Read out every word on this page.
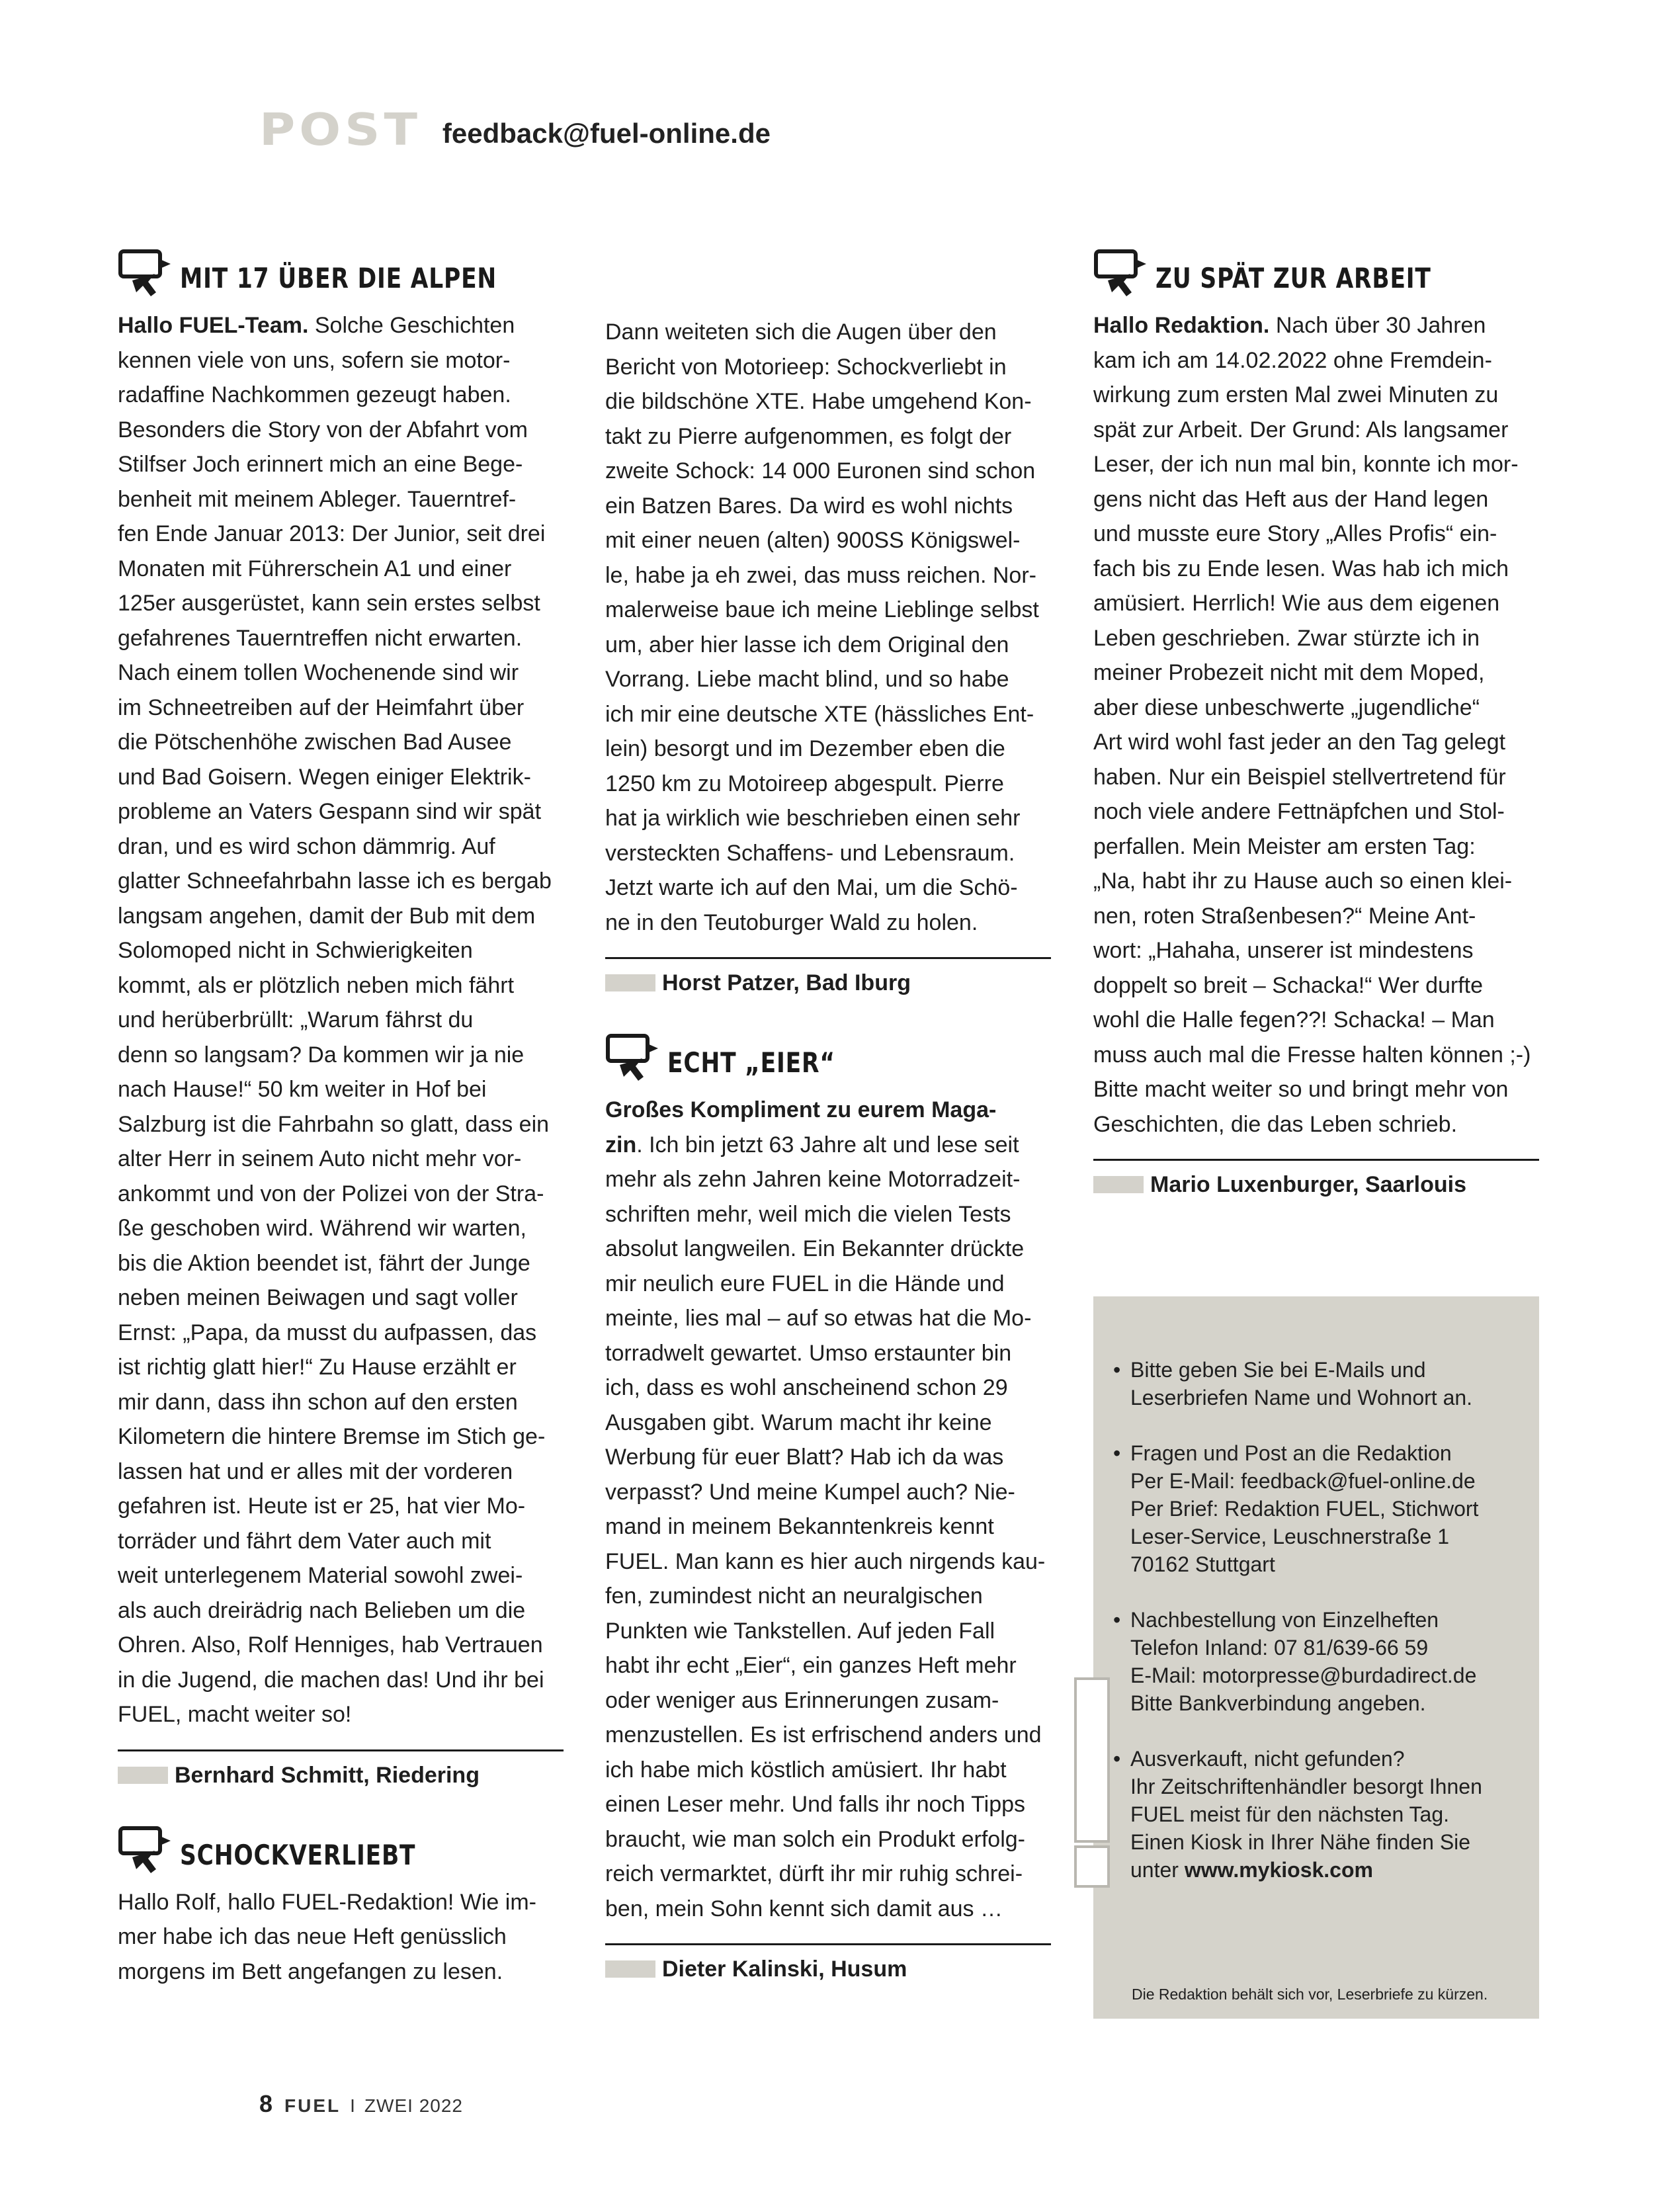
POST feedback@fuel-online.de
MIT 17 ÜBER DIE ALPEN
Hallo FUEL-Team. Solche Geschichten
kennen viele von uns, sofern sie motor-
radaffine Nachkommen gezeugt haben.
Besonders die Story von der Abfahrt vom
Stilfser Joch erinnert mich an eine Bege-
benheit mit meinem Ableger. Tauerntref-
fen Ende Januar 2013: Der Junior, seit drei
Monaten mit Führerschein A1 und einer
125er ausgerüstet, kann sein erstes selbst
gefahrenes Tauerntreffen nicht erwarten.
Nach einem tollen Wochenende sind wir
im Schneetreiben auf der Heimfahrt über
die Pötschenhöhe zwischen Bad Ausee
und Bad Goisern. Wegen einiger Elektrik-
probleme an Vaters Gespann sind wir spät
dran, und es wird schon dämmrig. Auf
glatter Schneefahrbahn lasse ich es bergab
langsam angehen, damit der Bub mit dem
Solomoped nicht in Schwierigkeiten
kommt, als er plötzlich neben mich fährt
und herüberbrüllt: „Warum fährst du
denn so langsam? Da kommen wir ja nie
nach Hause!“ 50 km weiter in Hof bei
Salzburg ist die Fahrbahn so glatt, dass ein
alter Herr in seinem Auto nicht mehr vor-
ankommt und von der Polizei von der Stra-
ße geschoben wird. Während wir warten,
bis die Aktion beendet ist, fährt der Junge
neben meinen Beiwagen und sagt voller
Ernst: „Papa, da musst du aufpassen, das
ist richtig glatt hier!“ Zu Hause erzählt er
mir dann, dass ihn schon auf den ersten
Kilometern die hintere Bremse im Stich ge-
lassen hat und er alles mit der vorderen
gefahren ist. Heute ist er 25, hat vier Mo-
torräder und fährt dem Vater auch mit
weit unterlegenem Material sowohl zwei-
als auch dreirädrig nach Belieben um die
Ohren. Also, Rolf Henniges, hab Vertrauen
in die Jugend, die machen das! Und ihr bei
FUEL, macht weiter so!
Bernhard Schmitt, Riedering
SCHOCKVERLIEBT
Hallo Rolf, hallo FUEL-Redaktion! Wie im-
mer habe ich das neue Heft genüsslich
morgens im Bett angefangen zu lesen.
Dann weiteten sich die Augen über den
Bericht von Motorieep: Schockverliebt in
die bildschöne XTE. Habe umgehend Kon-
takt zu Pierre aufgenommen, es folgt der
zweite Schock: 14 000 Euronen sind schon
ein Batzen Bares. Da wird es wohl nichts
mit einer neuen (alten) 900SS Königswel-
le, habe ja eh zwei, das muss reichen. Nor-
malerweise baue ich meine Lieblinge selbst
um, aber hier lasse ich dem Original den
Vorrang. Liebe macht blind, und so habe
ich mir eine deutsche XTE (hässliches Ent-
lein) besorgt und im Dezember eben die
1250 km zu Motoireep abgespult. Pierre
hat ja wirklich wie beschrieben einen sehr
versteckten Schaffens- und Lebensraum.
Jetzt warte ich auf den Mai, um die Schö-
ne in den Teutoburger Wald zu holen.
Horst Patzer, Bad Iburg
ECHT „EIER“
Großes Kompliment zu eurem Maga-
zin. Ich bin jetzt 63 Jahre alt und lese seit
mehr als zehn Jahren keine Motorradzeit-
schriften mehr, weil mich die vielen Tests
absolut langweilen. Ein Bekannter drückte
mir neulich eure FUEL in die Hände und
meinte, lies mal – auf so etwas hat die Mo-
torradwelt gewartet. Umso erstaunter bin
ich, dass es wohl anscheinend schon 29
Ausgaben gibt. Warum macht ihr keine
Werbung für euer Blatt? Hab ich da was
verpasst? Und meine Kumpel auch? Nie-
mand in meinem Bekanntenkreis kennt
FUEL. Man kann es hier auch nirgends kau-
fen, zumindest nicht an neuralgischen
Punkten wie Tankstellen. Auf jeden Fall
habt ihr echt „Eier“, ein ganzes Heft mehr
oder weniger aus Erinnerungen zusam-
menzustellen. Es ist erfrischend anders und
ich habe mich köstlich amüsiert. Ihr habt
einen Leser mehr. Und falls ihr noch Tipps
braucht, wie man solch ein Produkt erfolg-
reich vermarktet, dürft ihr mir ruhig schrei-
ben, mein Sohn kennt sich damit aus …
Dieter Kalinski, Husum
ZU SPÄT ZUR ARBEIT
Hallo Redaktion. Nach über 30 Jahren
kam ich am 14.02.2022 ohne Fremdein-
wirkung zum ersten Mal zwei Minuten zu
spät zur Arbeit. Der Grund: Als langsamer
Leser, der ich nun mal bin, konnte ich mor-
gens nicht das Heft aus der Hand legen
und musste eure Story „Alles Profis“ ein-
fach bis zu Ende lesen. Was hab ich mich
amüsiert. Herrlich! Wie aus dem eigenen
Leben geschrieben. Zwar stürzte ich in
meiner Probezeit nicht mit dem Moped,
aber diese unbeschwerte „jugendliche“
Art wird wohl fast jeder an den Tag gelegt
haben. Nur ein Beispiel stellvertretend für
noch viele andere Fettnäpfchen und Stol-
perfallen. Mein Meister am ersten Tag:
„Na, habt ihr zu Hause auch so einen klei-
nen, roten Straßenbesen?“ Meine Ant-
wort: „Hahaha, unserer ist mindestens
doppelt so breit – Schacka!“ Wer durfte
wohl die Halle fegen??! Schacka! – Man
muss auch mal die Fresse halten können ;-)
Bitte macht weiter so und bringt mehr von
Geschichten, die das Leben schrieb.
Mario Luxenburger, Saarlouis
• Bitte geben Sie bei E-Mails und
Leserbriefen Name und Wohnort an.
• Fragen und Post an die Redaktion
Per E-Mail: feedback@fuel-online.de
Per Brief: Redaktion FUEL, Stichwort
Leser-Service, Leuschnerstraße 1
70162 Stuttgart
• Nachbestellung von Einzelheften
Telefon Inland: 07 81/639-66 59
E-Mail: motorpresse@burdadirect.de
Bitte Bankverbindung angeben.
• Ausverkauft, nicht gefunden?
Ihr Zeitschriftenhändler besorgt Ihnen
FUEL meist für den nächsten Tag.
Einen Kiosk in Ihrer Nähe finden Sie
unter www.mykiosk.com
Die Redaktion behält sich vor, Leserbriefe zu kürzen.
8 FUEL I ZWEI 2022
